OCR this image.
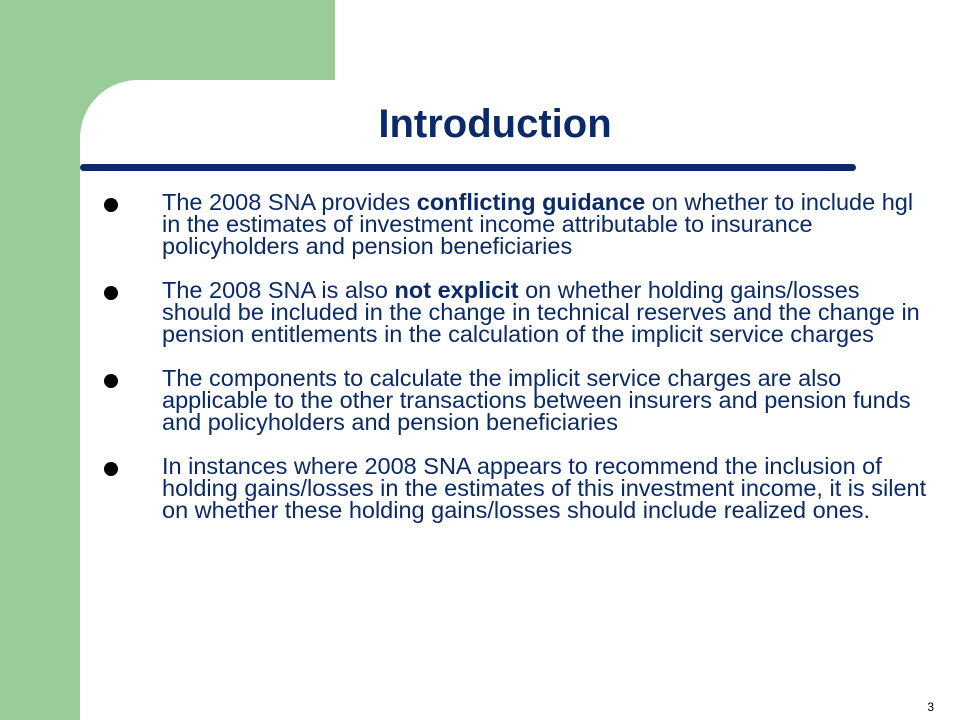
Introduction
The 2008 SNA provides conflicting guidance on whether to include hgl in the estimates of investment income attributable to insurance policyholders and pension beneficiaries
The 2008 SNA is also not explicit on whether holding gains/losses should be included in the change in technical reserves and the change in pension entitlements in the calculation of the implicit service charges
The components to calculate the implicit service charges are also applicable to the other transactions between insurers and pension funds and policyholders and pension beneficiaries
In instances where 2008 SNA appears to recommend the inclusion of holding gains/losses in the estimates of this investment income, it is silent on whether these holding gains/losses should include realized ones.
3
